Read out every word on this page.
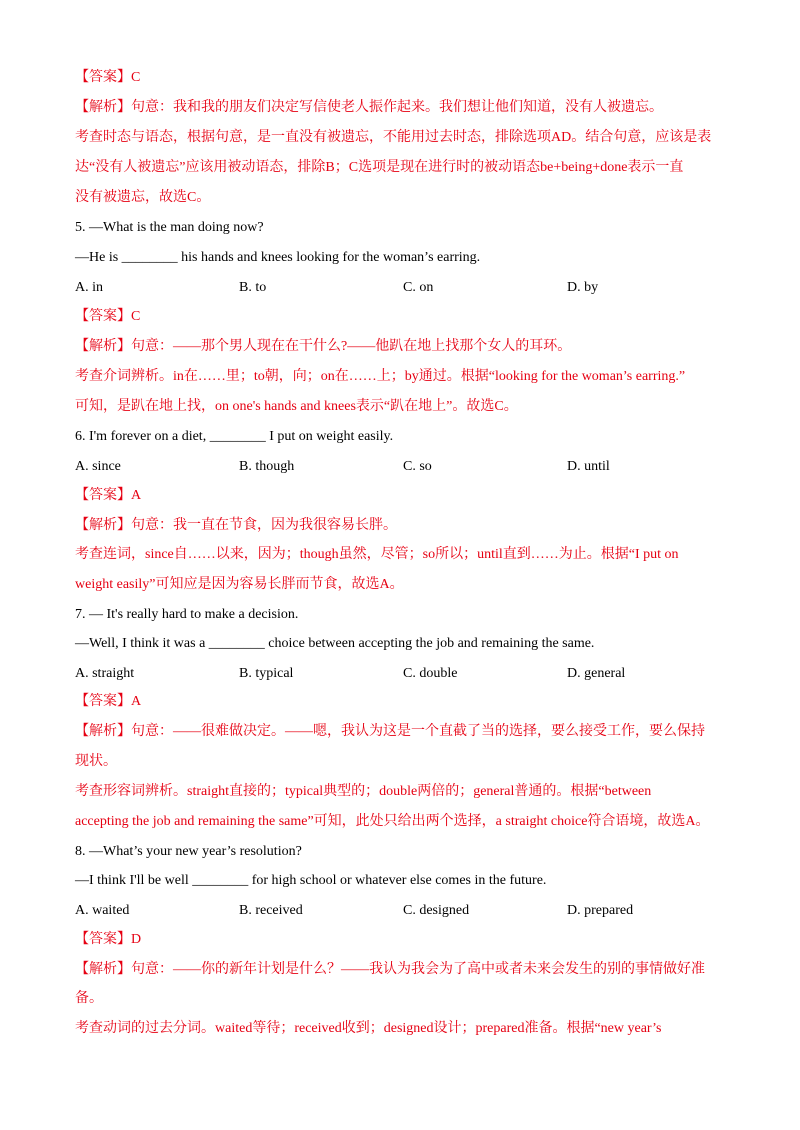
【答案】C
【解析】句意：我和我的朋友们决定写信使老人振作起来。我们想让他们知道，没有人被遗忘。
考查时态与语态，根据句意，是一直没有被遗忘，不能用过去时态，排除选项AD。结合句意，应该是表
达“没有人被遗忘”应该用被动语态，排除B；C选项是现在进行时的被动语态be+being+done表示一直
没有被遗忘，故选C。
5. —What is the man doing now?
—He is ________ his hands and knees looking for the woman’s earring.
A. in	B. to	C. on	D. by
【答案】C
【解析】句意：——那个男人现在在干什么?——他趴在地上找那个女人的耳环。
考查介词辨析。in在……里；to朝，向；on在……上；by通过。根据“looking for the woman’s earring.”
可知，是趴在地上找，on one's hands and knees表示“趴在地上”。故选C。
6. I'm forever on a diet, ________ I put on weight easily.
A. since	B. though	C. so	D. until
【答案】A
【解析】句意：我一直在节食，因为我很容易长胖。
考查连词，since自……以来，因为；though虽然，尽管；so所以；until直到……为止。根据“I put on
weight easily”可知应是因为容易长胖而节食，故选A。
7. — It's really hard to make a decision.
—Well, I think it was a ________ choice between accepting the job and remaining the same.
A. straight	B. typical	C. double	D. general
【答案】A
【解析】句意：——很难做决定。——嗯，我认为这是一个直截了当的选择，要么接受工作，要么保持
现状。
考查形容词辨析。straight直接的；typical典型的；double两倍的；general普通的。根据“between
accepting the job and remaining the same”可知，此处只给出两个选择，a straight choice符合语境，故选A。
8. —What’s your new year’s resolution?
—I think I'll be well ________ for high school or whatever else comes in the future.
A. waited	B. received	C. designed	D. prepared
【答案】D
【解析】句意：——你的新年计划是什么？——我认为我会为了高中或者未来会发生的别的事情做好准
备。
考查动词的过去分词。waited等待；received收到；designed设计；prepared准备。根据“new year’s
